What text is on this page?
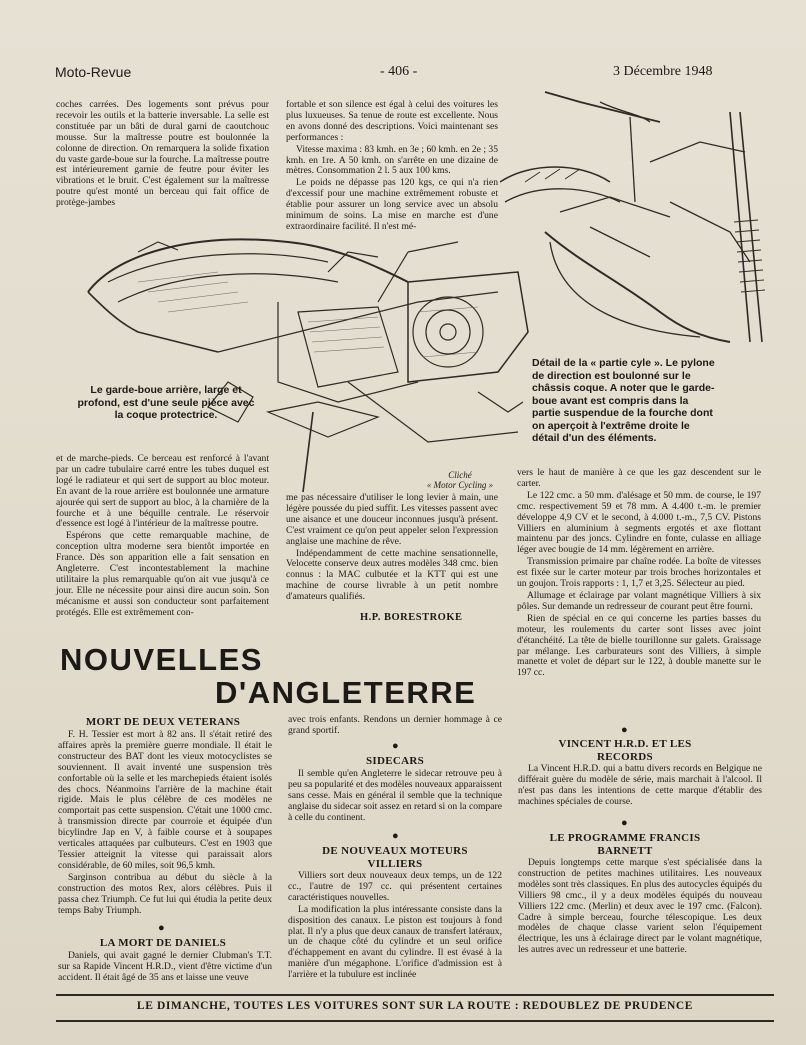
Moto-Revue	- 406 -	3 Décembre 1948

coches carrées. Des logements sont prévus pour recevoir les outils et la batterie inversable. La selle est constituée par un bâti de dural garni de caoutchouc mousse. Sur la maîtresse poutre est boulonnée la colonne de direction. On remarquera la solide fixation du vaste garde-boue sur la fourche. La maîtresse poutre est intérieurement garnie de feutre pour éviter les vibrations et le bruit. C'est également sur la maîtresse poutre qu'est monté un berceau qui fait office de protège-jambes

fortable et son silence est égal à celui des voitures les plus luxueuses. Sa tenue de route est excellente. Nous en avons donné des descriptions. Voici maintenant ses performances :

Vitesse maxima : 83 kmh. en 3e ; 60 kmh. en 2e ; 35 kmh. en 1re. A 50 kmh. on s'arrête en une dizaine de mètres. Consommation 2 l. 5 aux 100 kms.

Le poids ne dépasse pas 120 kgs, ce qui n'a rien d'excessif pour une machine extrêmement robuste et établie pour assurer un long service avec un absolu minimum de soins. La mise en marche est d'une extraordinaire facilité. Il n'est mé-

Le garde-boue arrière, large et profond, est d'une seule pièce avec la coque protectrice.
Détail de la « partie cyle ». Le pylone de direction est boulonné sur le châssis coque. A noter que le garde-boue avant est compris dans la partie suspendue de la fourche dont on aperçoit à l'extrême droite le détail d'un des éléments.
Cliché
« Motor Cycling »

et de marche-pieds. Ce berceau est renforcé à l'avant par un cadre tubulaire carré entre les tubes duquel est logé le radiateur et qui sert de support au bloc moteur. En avant de la roue arrière est boulonnée une armature ajourée qui sert de support au bloc, à la charnière de la fourche et à une béquille centrale. Le réservoir d'essence est logé à l'intérieur de la maîtresse poutre.

Espérons que cette remarquable machine, de conception ultra moderne sera bientôt importée en France. Dès son apparition elle a fait sensation en Angleterre. C'est incontestablement la machine utilitaire la plus remarquable qu'on ait vue jusqu'à ce jour. Elle ne nécessite pour ainsi dire aucun soin. Son mécanisme et aussi son conducteur sont parfaitement protégés. Elle est extrêmement con-

me pas nécessaire d'utiliser le long levier à main, une légère poussée du pied suffit. Les vitesses passent avec une aisance et une douceur inconnues jusqu'à présent. C'est vraiment ce qu'on peut appeler selon l'expression anglaise une machine de rêve.

Indépendamment de cette machine sensationnelle, Velocette conserve deux autres modèles 348 cmc. bien connus : la MAC culbutée et la KTT qui est une machine de course livrable à un petit nombre d'amateurs qualifiés.

H.P. BORESTROKE

vers le haut de manière à ce que les gaz descendent sur le carter.

Le 122 cmc. a 50 mm. d'alésage et 50 mm. de course, le 197 cmc. respectivement 59 et 78 mm. A 4.400 t.-m. le premier développe 4,9 CV et le second, à 4.000 t.-m., 7,5 CV. Pistons Villiers en aluminium à segments ergotés et axe flottant maintenu par des joncs. Cylindre en fonte, culasse en alliage léger avec bougie de 14 mm. légèrement en arrière.

Transmission primaire par chaîne rodée. La boîte de vitesses est fixée sur le carter moteur par trois broches horizontales et un goujon. Trois rapports : 1, 1,7 et 3,25. Sélecteur au pied.

Allumage et éclairage par volant magnétique Villiers à six pôles. Sur demande un redresseur de courant peut être fourni.

Rien de spécial en ce qui concerne les parties basses du moteur, les roulements du carter sont lisses avec joint d'étanchéité. La tête de bielle tourillonne sur galets. Graissage par mélange. Les carburateurs sont des Villiers, à simple manette et volet de départ sur le 122, à double manette sur le 197 cc.

NOUVELLES
D'ANGLETERRE
MORT DE DEUX VETERANS

F. H. Tessier est mort à 82 ans. Il s'était retiré des affaires après la première guerre mondiale. Il était le constructeur des BAT dont les vieux motocyclistes se souviennent. Il avait inventé une suspension très confortable où la selle et les marchepieds étaient isolés des chocs. Néanmoins l'arrière de la machine était rigide. Mais le plus célèbre de ces modèles ne comportait pas cette suspension. C'était une 1000 cmc. à transmission directe par courroie et équipée d'un bicylindre Jap en V, à faible course et à soupapes verticales attaquées par culbuteurs. C'est en 1903 que Tessier atteignit la vitesse qui paraissait alors considérable, de 60 miles, soit 96,5 kmh.

Sarginson contribua au début du siècle à la construction des motos Rex, alors célèbres. Puis il passa chez Triumph. Ce fut lui qui étudia la petite deux temps Baby Triumph.

●
LA MORT DE DANIELS

Daniels, qui avait gagné le dernier Clubman's T.T. sur sa Rapide Vincent H.R.D., vient d'être victime d'un accident. Il était âgé de 35 ans et laisse une veuve

avec trois enfants. Rendons un dernier hommage à ce grand sportif.

●
SIDECARS

Il semble qu'en Angleterre le sidecar retrouve peu à peu sa popularité et des modèles nouveaux apparaissent sans cesse. Mais en général il semble que la technique anglaise du sidecar soit assez en retard si on la compare à celle du continent.

●
DE NOUVEAUX MOTEURS VILLIERS

Villiers sort deux nouveaux deux temps, un de 122 cc., l'autre de 197 cc. qui présentent certaines caractéristiques nouvelles.

La modification la plus intéressante consiste dans la disposition des canaux. Le piston est toujours à fond plat. Il n'y a plus que deux canaux de transfert latéraux, un de chaque côté du cylindre et un seul orifice d'échappement en avant du cylindre. Il est évasé à la manière d'un mégaphone. L'orifice d'admission est à l'arrière et la tubulure est inclinée

●
VINCENT H.R.D. ET LES RECORDS

La Vincent H.R.D. qui a battu divers records en Belgique ne différait guère du modèle de série, mais marchait à l'alcool. Il n'est pas dans les intentions de cette marque d'établir des machines spéciales de course.

●
LE PROGRAMME FRANCIS BARNETT

Depuis longtemps cette marque s'est spécialisée dans la construction de petites machines utilitaires. Les nouveaux modèles sont très classiques. En plus des autocycles équipés du Villiers 98 cmc., il y a deux modèles équipés du nouveau Villiers 122 cmc. (Merlin) et deux avec le 197 cmc. (Falcon). Cadre à simple berceau, fourche télescopique. Les deux modèles de chaque classe varient selon l'équipement électrique, les uns à éclairage direct par le volant magnétique, les autres avec un redresseur et une batterie.

LE DIMANCHE, TOUTES LES VOITURES SONT SUR LA ROUTE : REDOUBLEZ DE PRUDENCE
